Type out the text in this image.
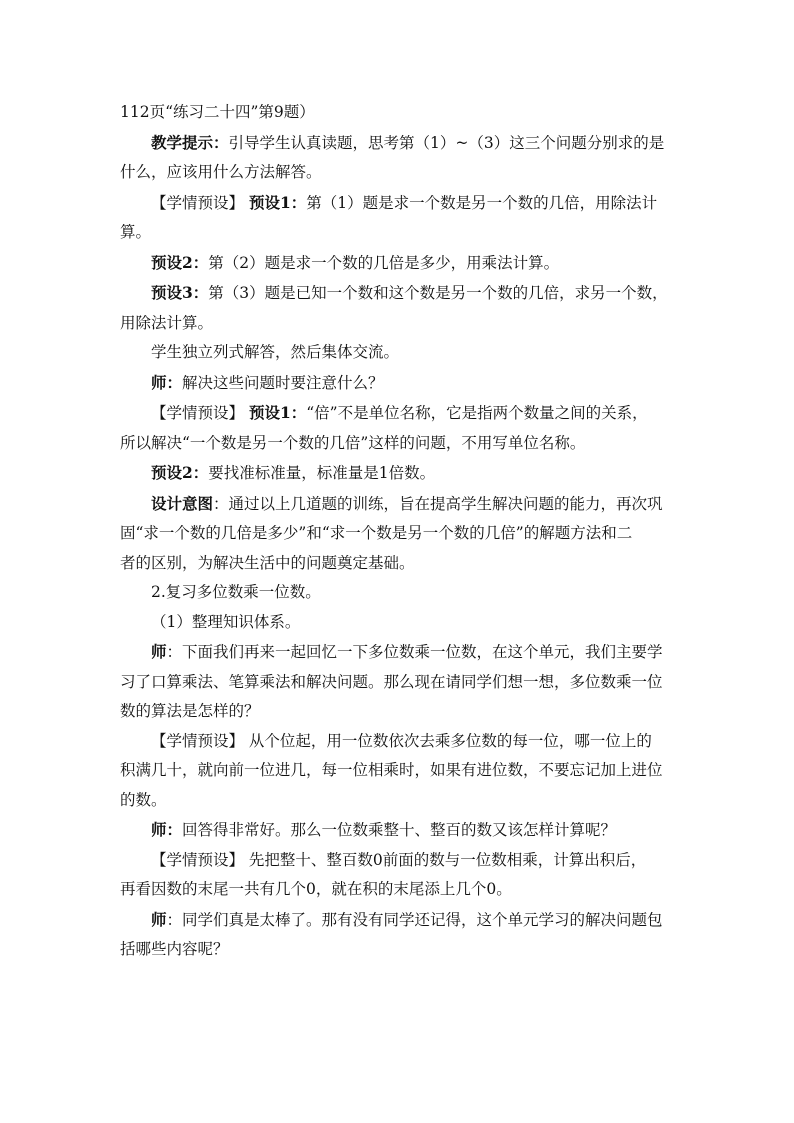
112页“练习二十四”第9题）
教学提示：引导学生认真读题，思考第（1）~（3）这三个问题分别求的是
什么，应该用什么方法解答。
【学情预设】 预设1：第（1）题是求一个数是另一个数的几倍，用除法计
算。
预设2：第（2）题是求一个数的几倍是多少，用乘法计算。
预设3：第（3）题是已知一个数和这个数是另一个数的几倍，求另一个数，
用除法计算。
学生独立列式解答，然后集体交流。
师：解决这些问题时要注意什么？
【学情预设】 预设1：“倍”不是单位名称，它是指两个数量之间的关系，
所以解决“一个数是另一个数的几倍”这样的问题，不用写单位名称。
预设2：要找准标准量，标准量是1倍数。
设计意图：通过以上几道题的训练，旨在提高学生解决问题的能力，再次巩
固“求一个数的几倍是多少”和“求一个数是另一个数的几倍”的解题方法和二
者的区别，为解决生活中的问题奠定基础。
2.复习多位数乘一位数。
（1）整理知识体系。
师：下面我们再来一起回忆一下多位数乘一位数，在这个单元，我们主要学
习了口算乘法、笔算乘法和解决问题。那么现在请同学们想一想，多位数乘一位
数的算法是怎样的？
【学情预设】 从个位起，用一位数依次去乘多位数的每一位，哪一位上的
积满几十，就向前一位进几，每一位相乘时，如果有进位数，不要忘记加上进位
的数。
师：回答得非常好。那么一位数乘整十、整百的数又该怎样计算呢？
【学情预设】 先把整十、整百数0前面的数与一位数相乘，计算出积后，
再看因数的末尾一共有几个0，就在积的末尾添上几个0。
师：同学们真是太棒了。那有没有同学还记得，这个单元学习的解决问题包
括哪些内容呢？
